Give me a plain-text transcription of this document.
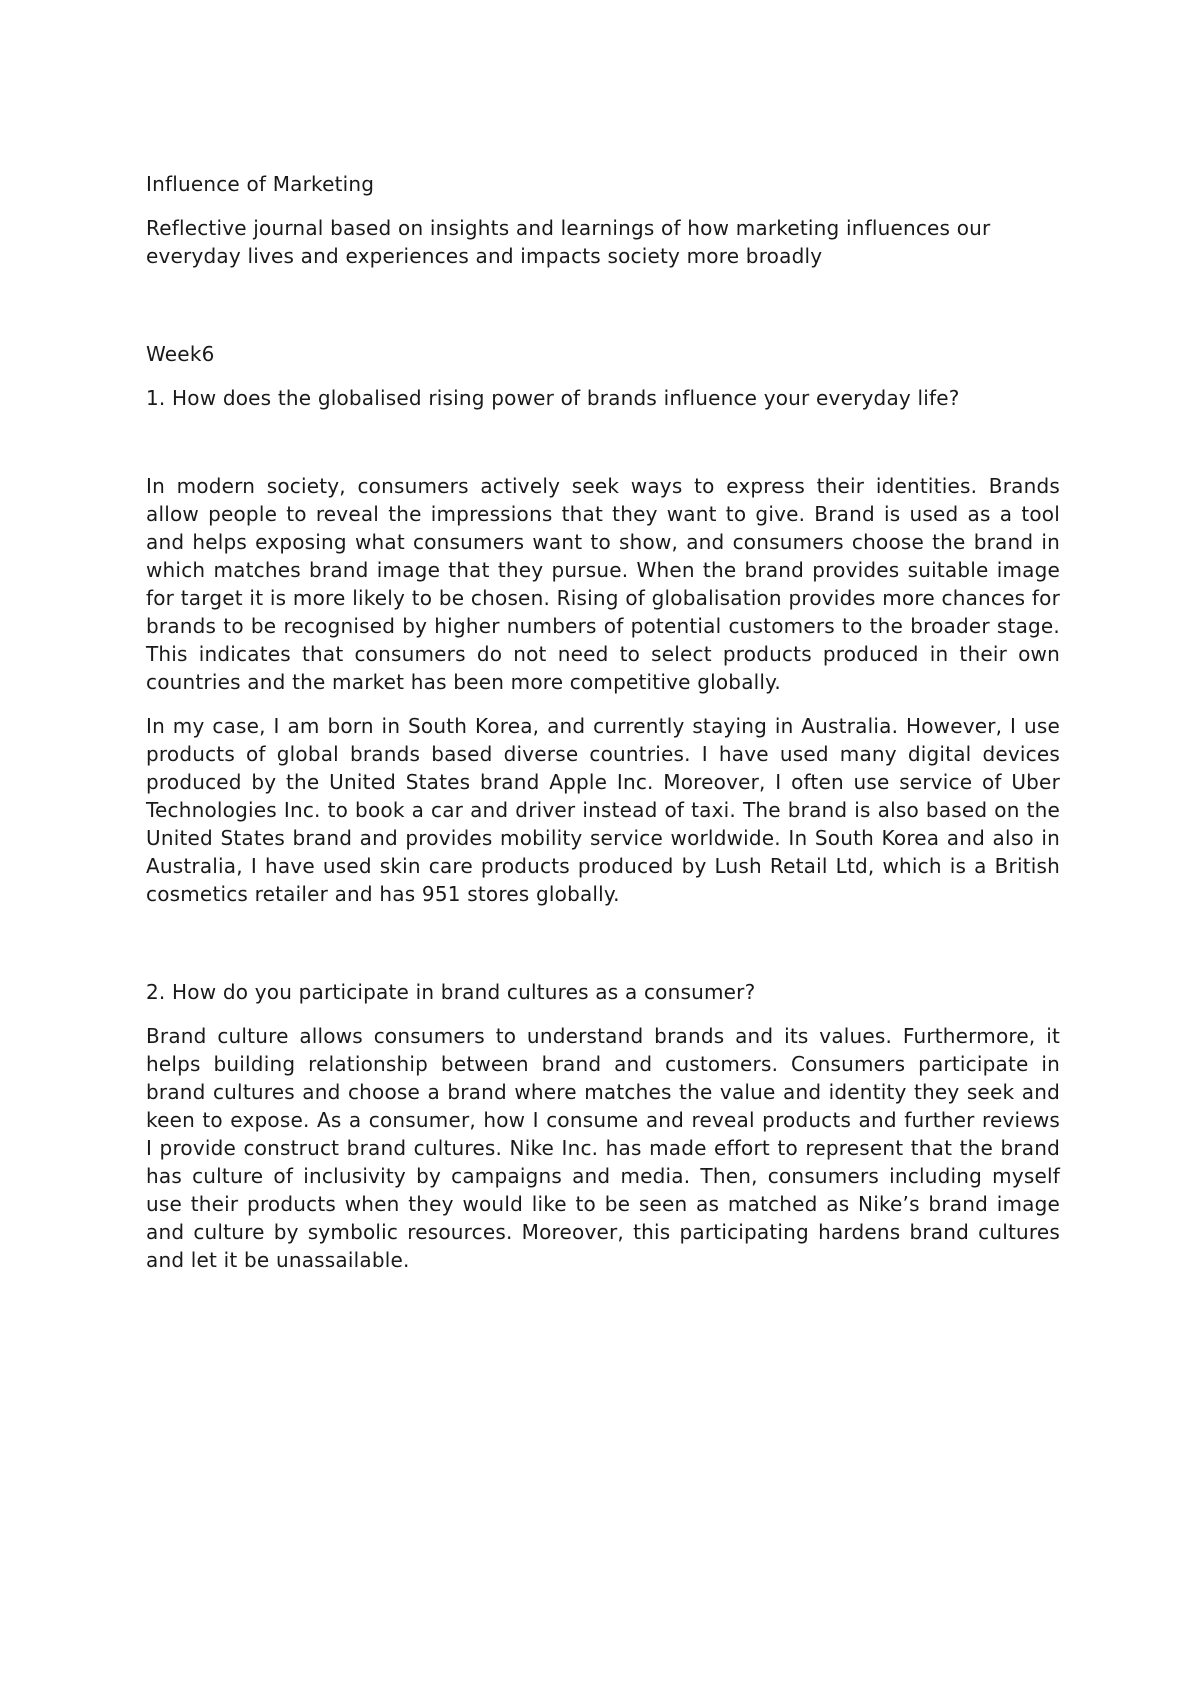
Influence of Marketing

Reflective journal based on insights and learnings of how marketing influences our everyday lives and experiences and impacts society more broadly

Week6

1. How does the globalised rising power of brands influence your everyday life?

In modern society, consumers actively seek ways to express their identities. Brands allow people to reveal the impressions that they want to give. Brand is used as a tool and helps exposing what consumers want to show, and consumers choose the brand in which matches brand image that they pursue. When the brand provides suitable image for target it is more likely to be chosen. Rising of globalisation provides more chances for brands to be recognised by higher numbers of potential customers to the broader stage. This indicates that consumers do not need to select products produced in their own countries and the market has been more competitive globally.

In my case, I am born in South Korea, and currently staying in Australia. However, I use products of global brands based diverse countries. I have used many digital devices produced by the United States brand Apple Inc. Moreover, I often use service of Uber Technologies Inc. to book a car and driver instead of taxi. The brand is also based on the United States brand and provides mobility service worldwide. In South Korea and also in Australia, I have used skin care products produced by Lush Retail Ltd, which is a British cosmetics retailer and has 951 stores globally.

2. How do you participate in brand cultures as a consumer?

Brand culture allows consumers to understand brands and its values. Furthermore, it helps building relationship between brand and customers. Consumers participate in brand cultures and choose a brand where matches the value and identity they seek and keen to expose. As a consumer, how I consume and reveal products and further reviews I provide construct brand cultures. Nike Inc. has made effort to represent that the brand has culture of inclusivity by campaigns and media. Then, consumers including myself use their products when they would like to be seen as matched as Nike’s brand image and culture by symbolic resources. Moreover, this participating hardens brand cultures and let it be unassailable.
